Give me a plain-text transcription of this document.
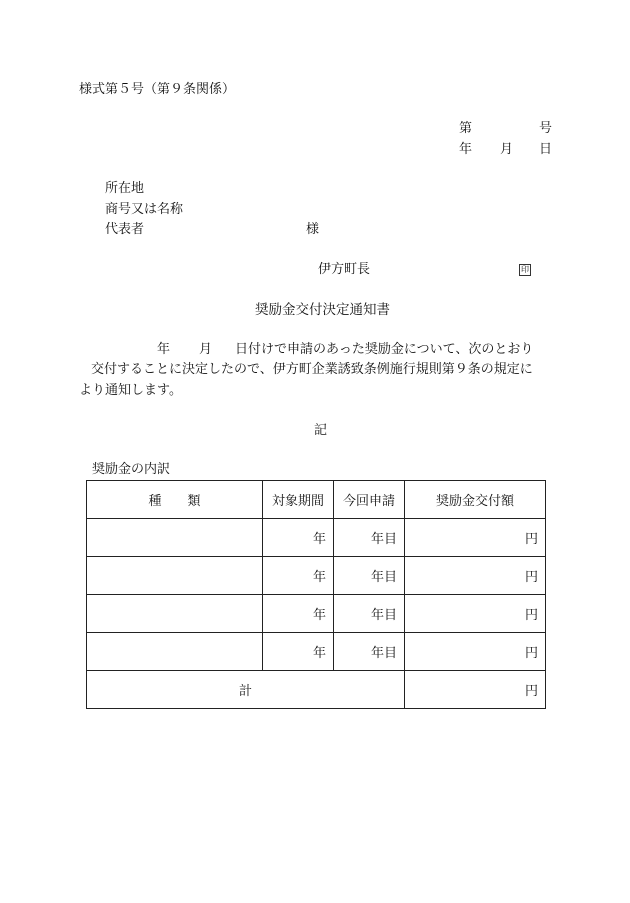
様式第５号（第９条関係）
第	号
年 月 日
所在地
商号又は名称
代表者	様
伊方町長	印
奨励金交付決定通知書
年 月 日付けで申請のあった奨励金について、次のとおり
交付することに決定したので、伊方町企業誘致条例施行規則第９条の規定に
より通知します。
記
奨励金の内訳
種　　類	対象期間	今回申請	奨励金交付額
	年	年目	円
	年	年目	円
	年	年目	円
	年	年目	円
計			円
